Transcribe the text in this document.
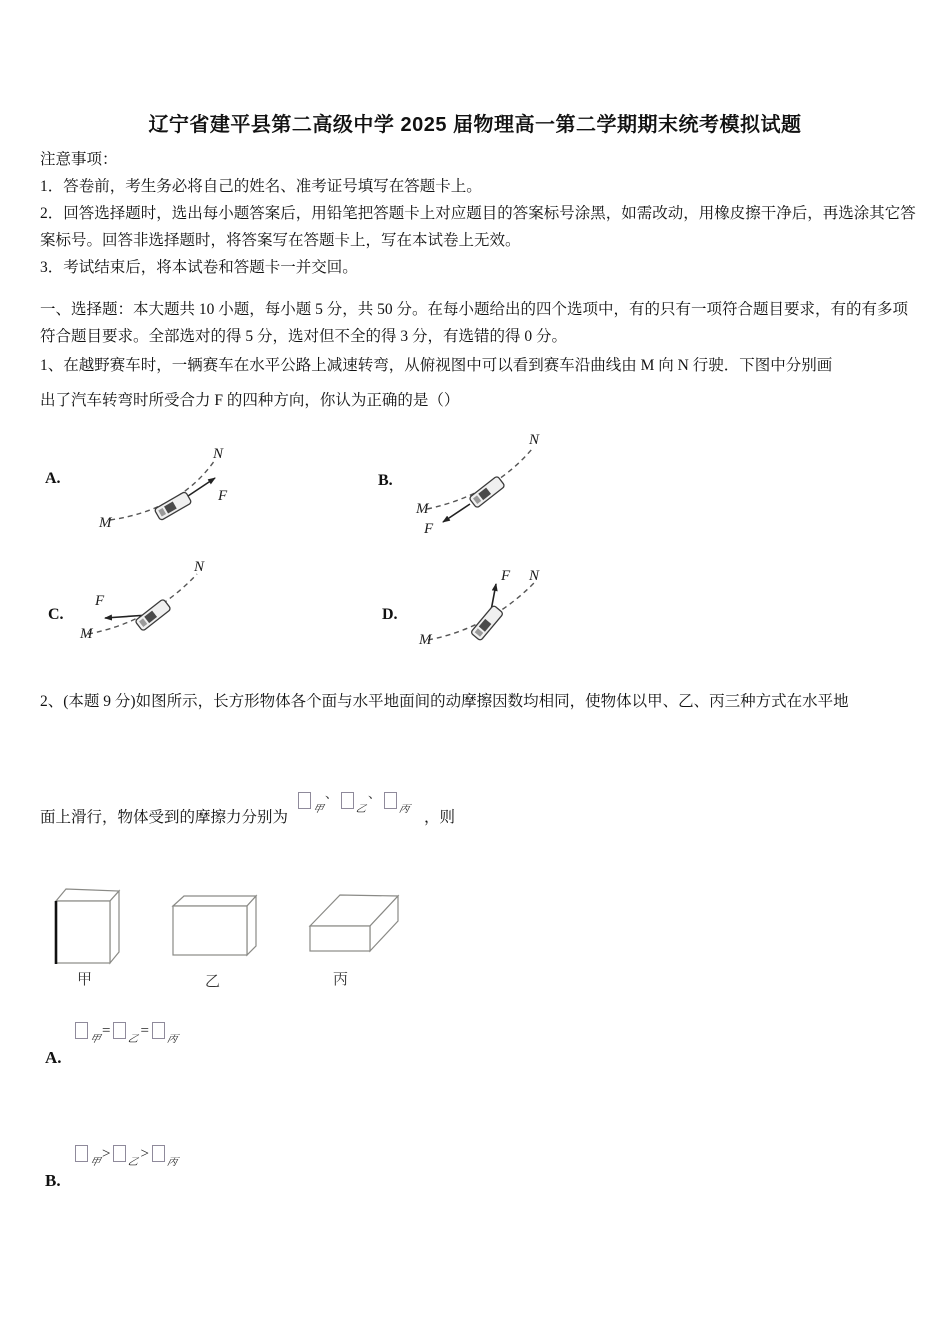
辽宁省建平县第二高级中学 2025 届物理高一第二学期期末统考模拟试题

注意事项：

1．答卷前，考生务必将自己的姓名、准考证号填写在答题卡上。

2．回答选择题时，选出每小题答案后，用铅笔把答题卡上对应题目的答案标号涂黑，如需改动，用橡皮擦干净后，再选涂其它答案标号。回答非选择题时，将答案写在答题卡上，写在本试卷上无效。

3．考试结束后，将本试卷和答题卡一并交回。

一、选择题：本大题共 10 小题，每小题 5 分，共 50 分。在每小题给出的四个选项中，有的只有一项符合题目要求，有的有多项符合题目要求。全部选对的得 5 分，选对但不全的得 3 分，有选错的得 0 分。

1、在越野赛车时，一辆赛车在水平公路上减速转弯，从俯视图中可以看到赛车沿曲线由 M 向 N 行驶．下图中分别画

出了汽车转弯时所受合力 F 的四种方向，你认为正确的是（）

A.
N
F
M
B.
N
M
F
C.
N
F
M
D.
F N
M

2、(本题 9 分)如图所示，长方形物体各个面与水平地面间的动摩擦因数均相同，使物体以甲、乙、丙三种方式在水平地

面上滑行，物体受到的摩擦力分别为 甲
、
乙
、
丙 ，则
甲	乙	丙
A.
甲
=
乙
=
丙
B.
甲
>
乙
>
丙
